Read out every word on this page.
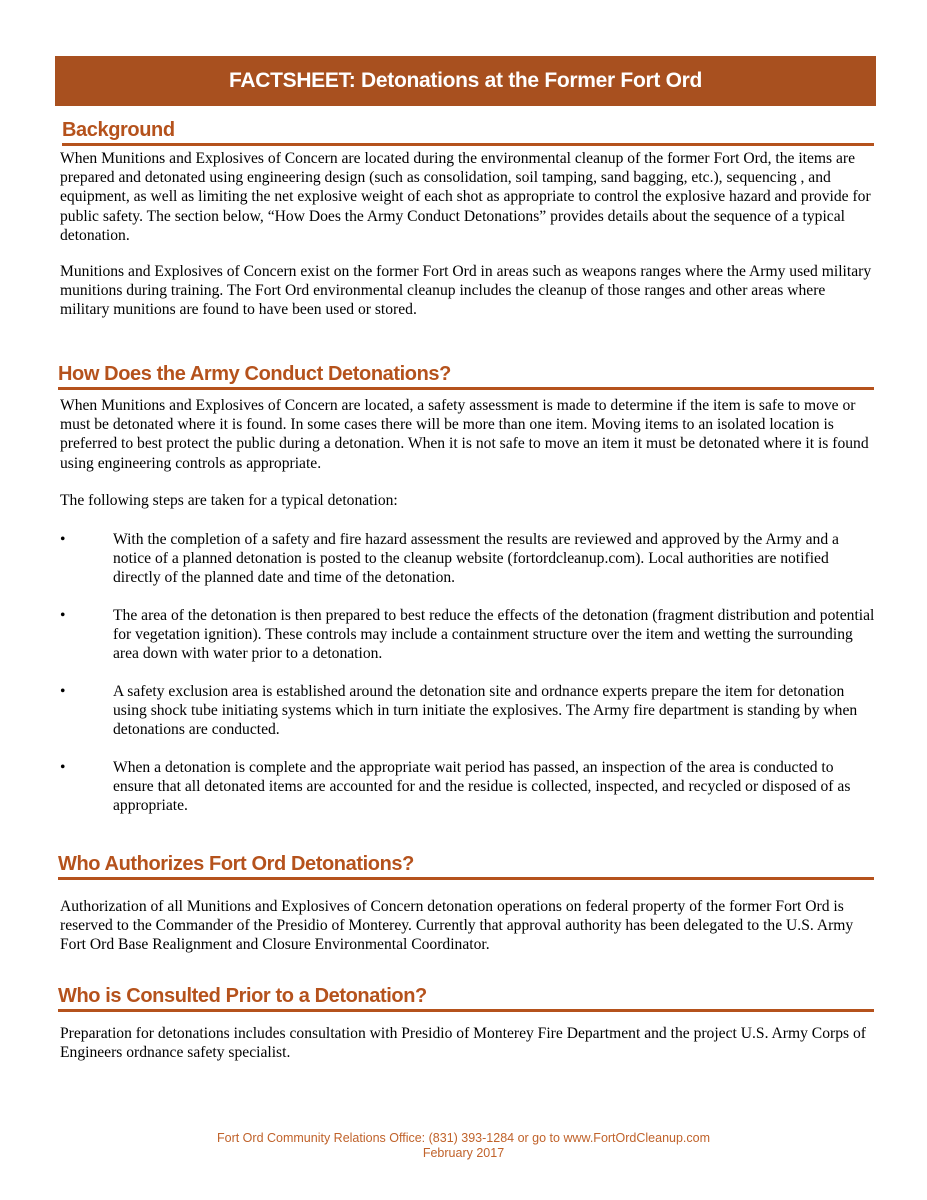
FACTSHEET: Detonations at the Former Fort Ord
Background

When Munitions and Explosives of Concern are located during the environmental cleanup of the former Fort Ord, the items are prepared and detonated using engineering design (such as consolidation, soil tamping, sand bagging, etc.), sequencing , and equipment, as well as limiting the net explosive weight of each shot as appropriate to control the explosive hazard and provide for public safety. The section below, “How Does the Army Conduct Detonations” provides details about the sequence of a typical detonation.

Munitions and Explosives of Concern exist on the former Fort Ord in areas such as weapons ranges where the Army used military munitions during training. The Fort Ord environmental cleanup includes the cleanup of those ranges and other areas where military munitions are found to have been used or stored.

How Does the Army Conduct Detonations?

When Munitions and Explosives of Concern are located, a safety assessment is made to determine if the item is safe to move or must be detonated where it is found. In some cases there will be more than one item. Moving items to an isolated location is preferred to best protect the public during a detonation. When it is not safe to move an item it must be detonated where it is found using engineering controls as appropriate.

The following steps are taken for a typical detonation:

•	With the completion of a safety and fire hazard assessment the results are reviewed and approved by the Army and a notice of a planned detonation is posted to the cleanup website (fortordcleanup.com). Local authorities are notified directly of the planned date and time of the detonation.

•	The area of the detonation is then prepared to best reduce the effects of the detonation (fragment distribution and potential for vegetation ignition). These controls may include a containment structure over the item and wetting the surrounding area down with water prior to a detonation.

•	A safety exclusion area is established around the detonation site and ordnance experts prepare the item for detonation using shock tube initiating systems which in turn initiate the explosives. The Army fire department is standing by when detonations are conducted.

•	When a detonation is complete and the appropriate wait period has passed, an inspection of the area is conducted to ensure that all detonated items are accounted for and the residue is collected, inspected, and recycled or disposed of as appropriate.

Who Authorizes Fort Ord Detonations?

Authorization of all Munitions and Explosives of Concern detonation operations on federal property of the former Fort Ord is reserved to the Commander of the Presidio of Monterey. Currently that approval authority has been delegated to the U.S. Army Fort Ord Base Realignment and Closure Environmental Coordinator.

Who is Consulted Prior to a Detonation?

Preparation for detonations includes consultation with Presidio of Monterey Fire Department and the project U.S. Army Corps of Engineers ordnance safety specialist.

Fort Ord Community Relations Office: (831) 393-1284 or go to www.FortOrdCleanup.com
February 2017
